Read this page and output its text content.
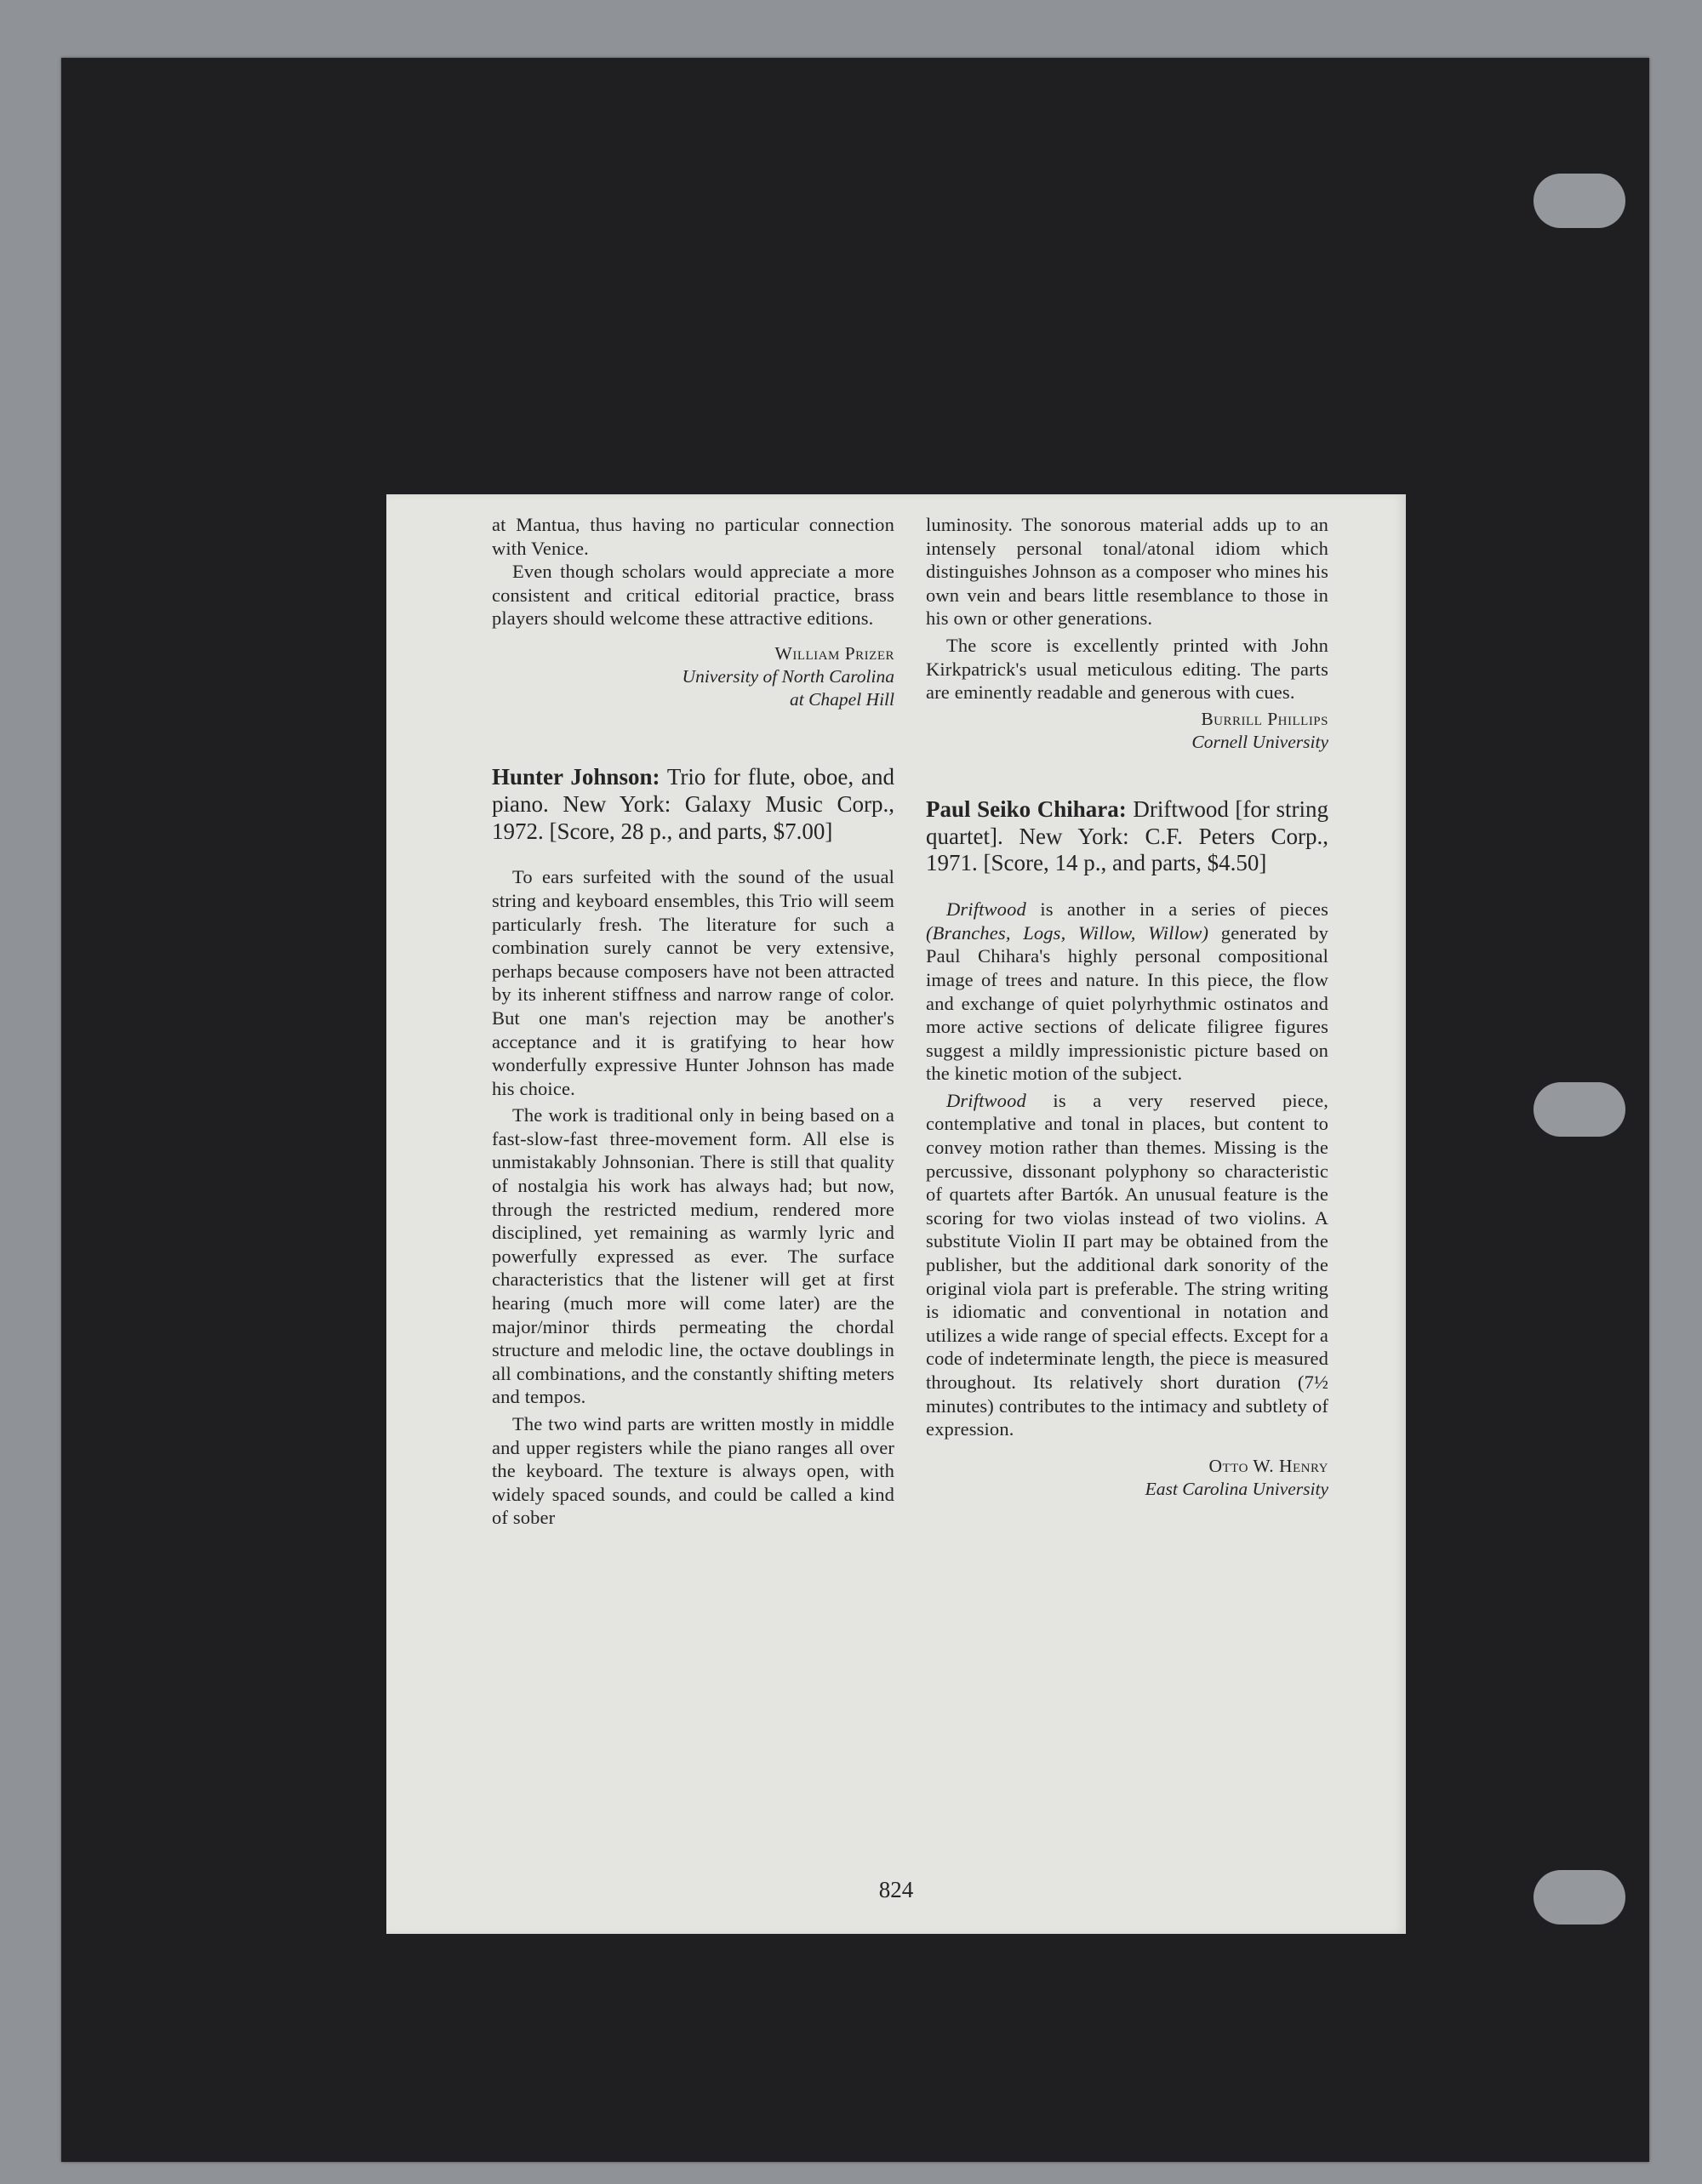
at Mantua, thus having no particular connection with Venice.

Even though scholars would appreciate a more consistent and critical editorial practice, brass players should welcome these attractive editions.

William Prizer
University of North Carolina
at Chapel Hill
Hunter Johnson: Trio for flute, oboe, and piano. New York: Galaxy Music Corp., 1972. [Score, 28 p., and parts, $7.00]

To ears surfeited with the sound of the usual string and keyboard ensembles, this Trio will seem particularly fresh. The literature for such a combination surely cannot be very extensive, perhaps because composers have not been attracted by its inherent stiffness and narrow range of color. But one man's rejection may be another's acceptance and it is gratifying to hear how wonderfully expressive Hunter Johnson has made his choice.

The work is traditional only in being based on a fast-slow-fast three-movement form. All else is unmistakably Johnsonian. There is still that quality of nostalgia his work has always had; but now, through the restricted medium, rendered more disciplined, yet remaining as warmly lyric and powerfully expressed as ever. The surface characteristics that the listener will get at first hearing (much more will come later) are the major/minor thirds permeating the chordal structure and melodic line, the octave doublings in all combinations, and the constantly shifting meters and tempos.

The two wind parts are written mostly in middle and upper registers while the piano ranges all over the keyboard. The texture is always open, with widely spaced sounds, and could be called a kind of sober

luminosity. The sonorous material adds up to an intensely personal tonal/atonal idiom which distinguishes Johnson as a composer who mines his own vein and bears little resemblance to those in his own or other generations.

The score is excellently printed with John Kirkpatrick's usual meticulous editing. The parts are eminently readable and generous with cues.

Burrill Phillips
Cornell University
Paul Seiko Chihara: Driftwood [for string quartet]. New York: C.F. Peters Corp., 1971. [Score, 14 p., and parts, $4.50]

Driftwood is another in a series of pieces (Branches, Logs, Willow, Willow) generated by Paul Chihara's highly personal compositional image of trees and nature. In this piece, the flow and exchange of quiet polyrhythmic ostinatos and more active sections of delicate filigree figures suggest a mildly impressionistic picture based on the kinetic motion of the subject.

Driftwood is a very reserved piece, contemplative and tonal in places, but content to convey motion rather than themes. Missing is the percussive, dissonant polyphony so characteristic of quartets after Bartók. An unusual feature is the scoring for two violas instead of two violins. A substitute Violin II part may be obtained from the publisher, but the additional dark sonority of the original viola part is preferable. The string writing is idiomatic and conventional in notation and utilizes a wide range of special effects. Except for a code of indeterminate length, the piece is measured throughout. Its relatively short duration (7½ minutes) contributes to the intimacy and subtlety of expression.

Otto W. Henry
East Carolina University
824
